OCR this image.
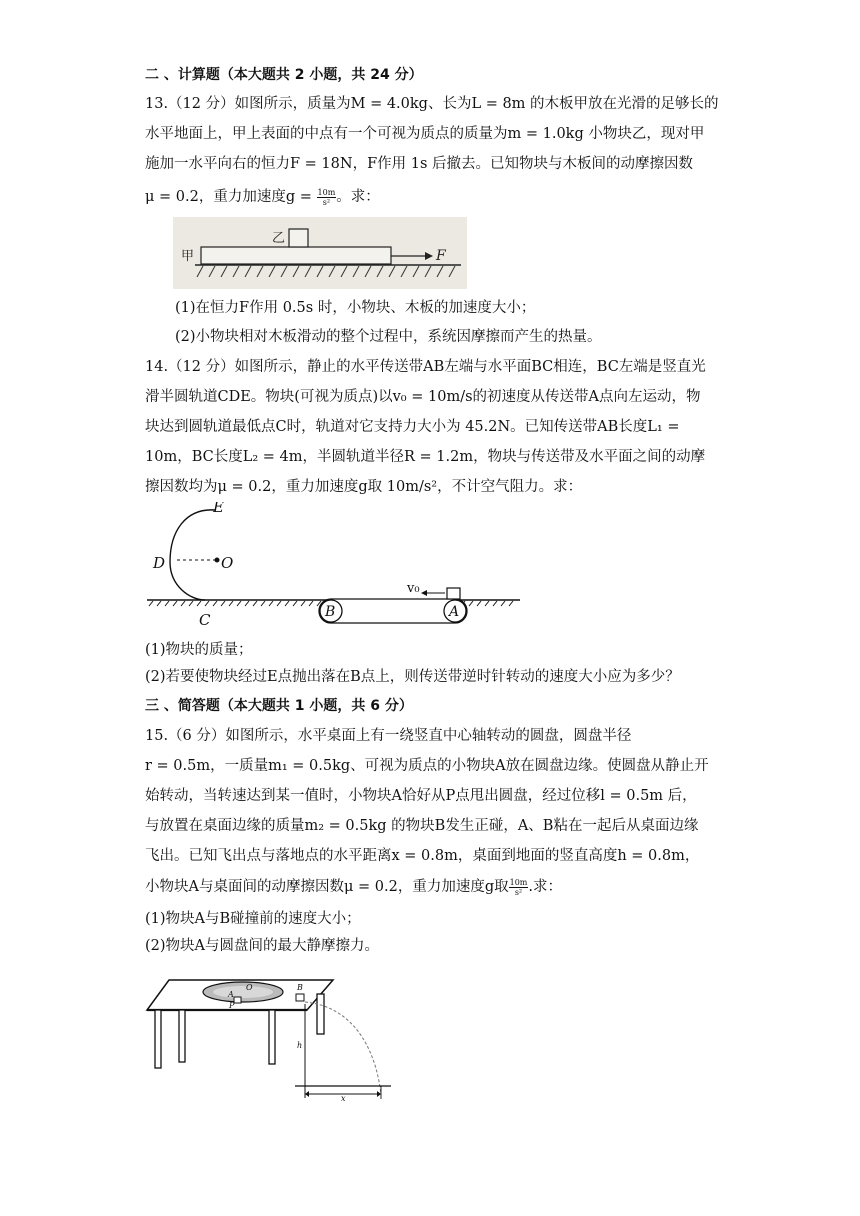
二 、计算题（本大题共 2 小题，共 24 分）
13.（12 分）如图所示，质量为M = 4.0kg、长为L = 8m 的木板甲放在光滑的足够长的
水平地面上，甲上表面的中点有一个可视为质点的质量为m = 1.0kg 小物块乙，现对甲
施加一水平向右的恒力F = 18N，F作用 1s 后撤去。已知物块与木板间的动摩擦因数
μ = 0.2，重力加速度$g = \frac{10m}{\text{s²}}$ 。求：
乙
甲	F
(1)在恒力F作用 0.5s 时，小物块、木板的加速度大小；
(2)小物块相对木板滑动的整个过程中，系统因摩擦而产生的热量。
14.（12 分）如图所示，静止的水平传送带AB左端与水平面BC相连，BC左端是竖直光
滑半圆轨道CDE。物块(可视为质点)以v₀ = 10m/s的初速度从传送带A点向左运动，物
块达到圆轨道最低点C时，轨道对它支持力大小为 45.2N。已知传送带AB长度L₁ =
10m，BC长度L₂ = 4m，半圆轨道半径R = 1.2m，物块与传送带及水平面之间的动摩
擦因数均为μ = 0.2，重力加速度g取 10m/s²，不计空气阻力。求：
E
D	O
C	B	A
v₀
(1)物块的质量；
(2)若要使物块经过E点抛出落在B点上，则传送带逆时针转动的速度大小应为多少？
三 、简答题（本大题共 1 小题，共 6 分）
15.（6 分）如图所示，水平桌面上有一绕竖直中心轴转动的圆盘，圆盘半径
r = 0.5m，一质量m₁ = 0.5kg、可视为质点的小物块A放在圆盘边缘。使圆盘从静止开
始转动，当转速达到某一值时，小物块A恰好从P点甩出圆盘，经过位移l = 0.5m 后，
与放置在桌面边缘的质量m₂ = 0.5kg 的物块B发生正碰，A、B粘在一起后从桌面边缘
飞出。已知飞出点与落地点的水平距离x = 0.8m，桌面到地面的竖直高度h = 0.8m，
小物块A与桌面间的动摩擦因数μ = 0.2，重力加速度g取 $\frac{10m}{\text{s²}}$ .求：
(1)物块A与B碰撞前的速度大小；
(2)物块A与圆盘间的最大静摩擦力。
A
O
P
B
h
x
